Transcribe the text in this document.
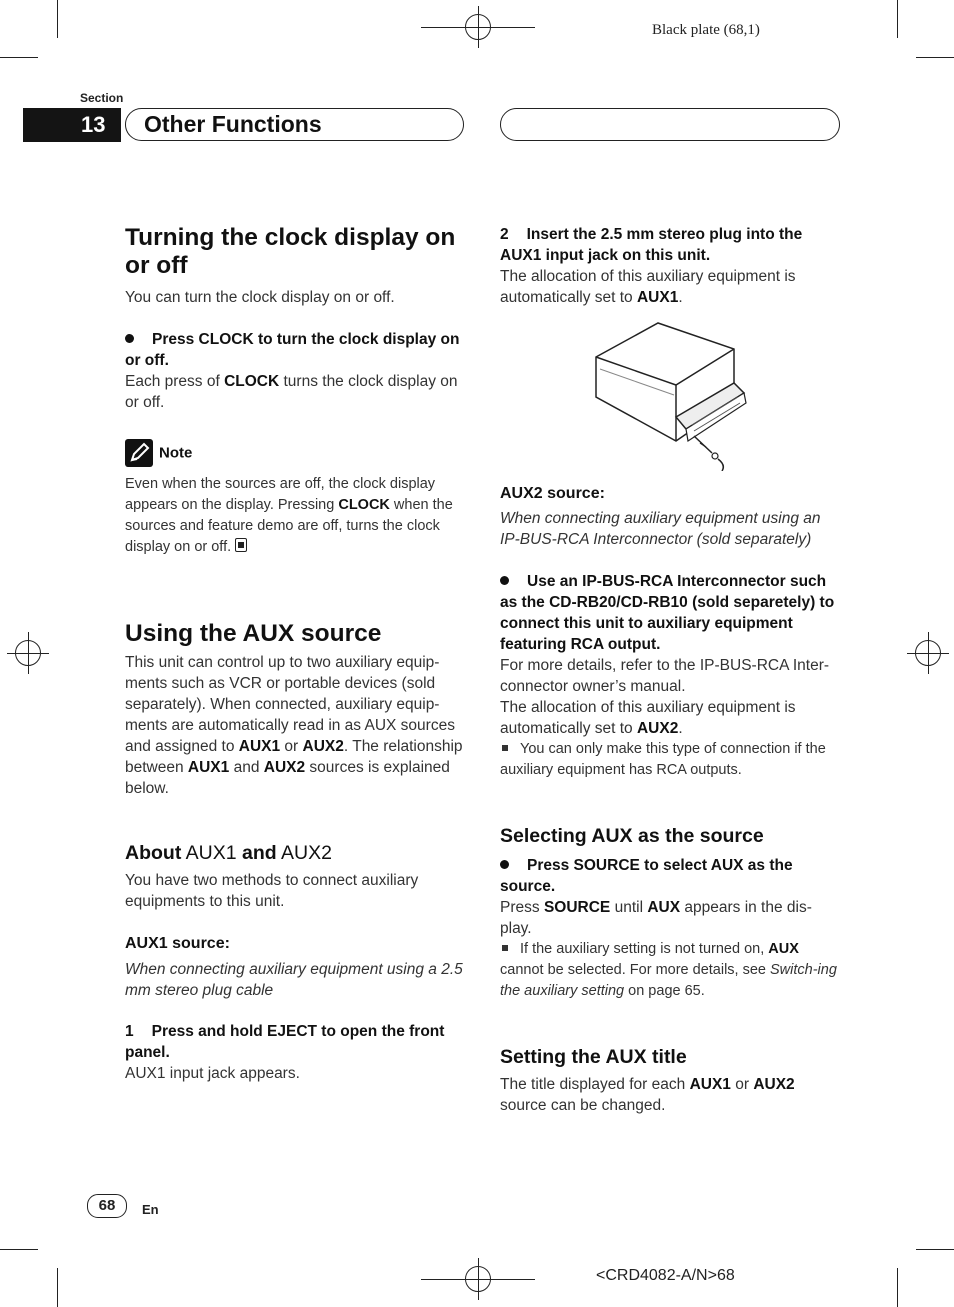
Black plate (68,1)
Section
13	Other Functions
Turning the clock display on or off

You can turn the clock display on or off.

Press CLOCK to turn the clock display on or off.

Each press of CLOCK turns the clock display on or off.

Note

Even when the sources are off, the clock display appears on the display. Pressing CLOCK when the sources and feature demo are off, turns the clock display on or off.

Using the AUX source

This unit can control up to two auxiliary equip-ments such as VCR or portable devices (sold separately). When connected, auxiliary equip-ments are automatically read in as AUX sources and assigned to AUX1 or AUX2. The relationship between AUX1 and AUX2 sources is explained below.

About AUX1 and AUX2

You have two methods to connect auxiliary equipments to this unit.

AUX1 source:

When connecting auxiliary equipment using a 2.5 mm stereo plug cable

1 Press and hold EJECT to open the front panel.

AUX1 input jack appears.

2 Insert the 2.5 mm stereo plug into the AUX1 input jack on this unit.

The allocation of this auxiliary equipment is automatically set to AUX1.

AUX2 source:

When connecting auxiliary equipment using an IP-BUS-RCA Interconnector (sold separately)

Use an IP-BUS-RCA Interconnector such as the CD-RB20/CD-RB10 (sold separetely) to connect this unit to auxiliary equipment featuring RCA output.

For more details, refer to the IP-BUS-RCA Inter-connector owner’s manual.

The allocation of this auxiliary equipment is automatically set to AUX2.

You can only make this type of connection if the auxiliary equipment has RCA outputs.

Selecting AUX as the source

Press SOURCE to select AUX as the source.

Press SOURCE until AUX appears in the dis-play.

If the auxiliary setting is not turned on, AUX cannot be selected. For more details, see Switch-ing the auxiliary setting on page 65.

Setting the AUX title

The title displayed for each AUX1 or AUX2 source can be changed.

68	En
<CRD4082-A/N>68
